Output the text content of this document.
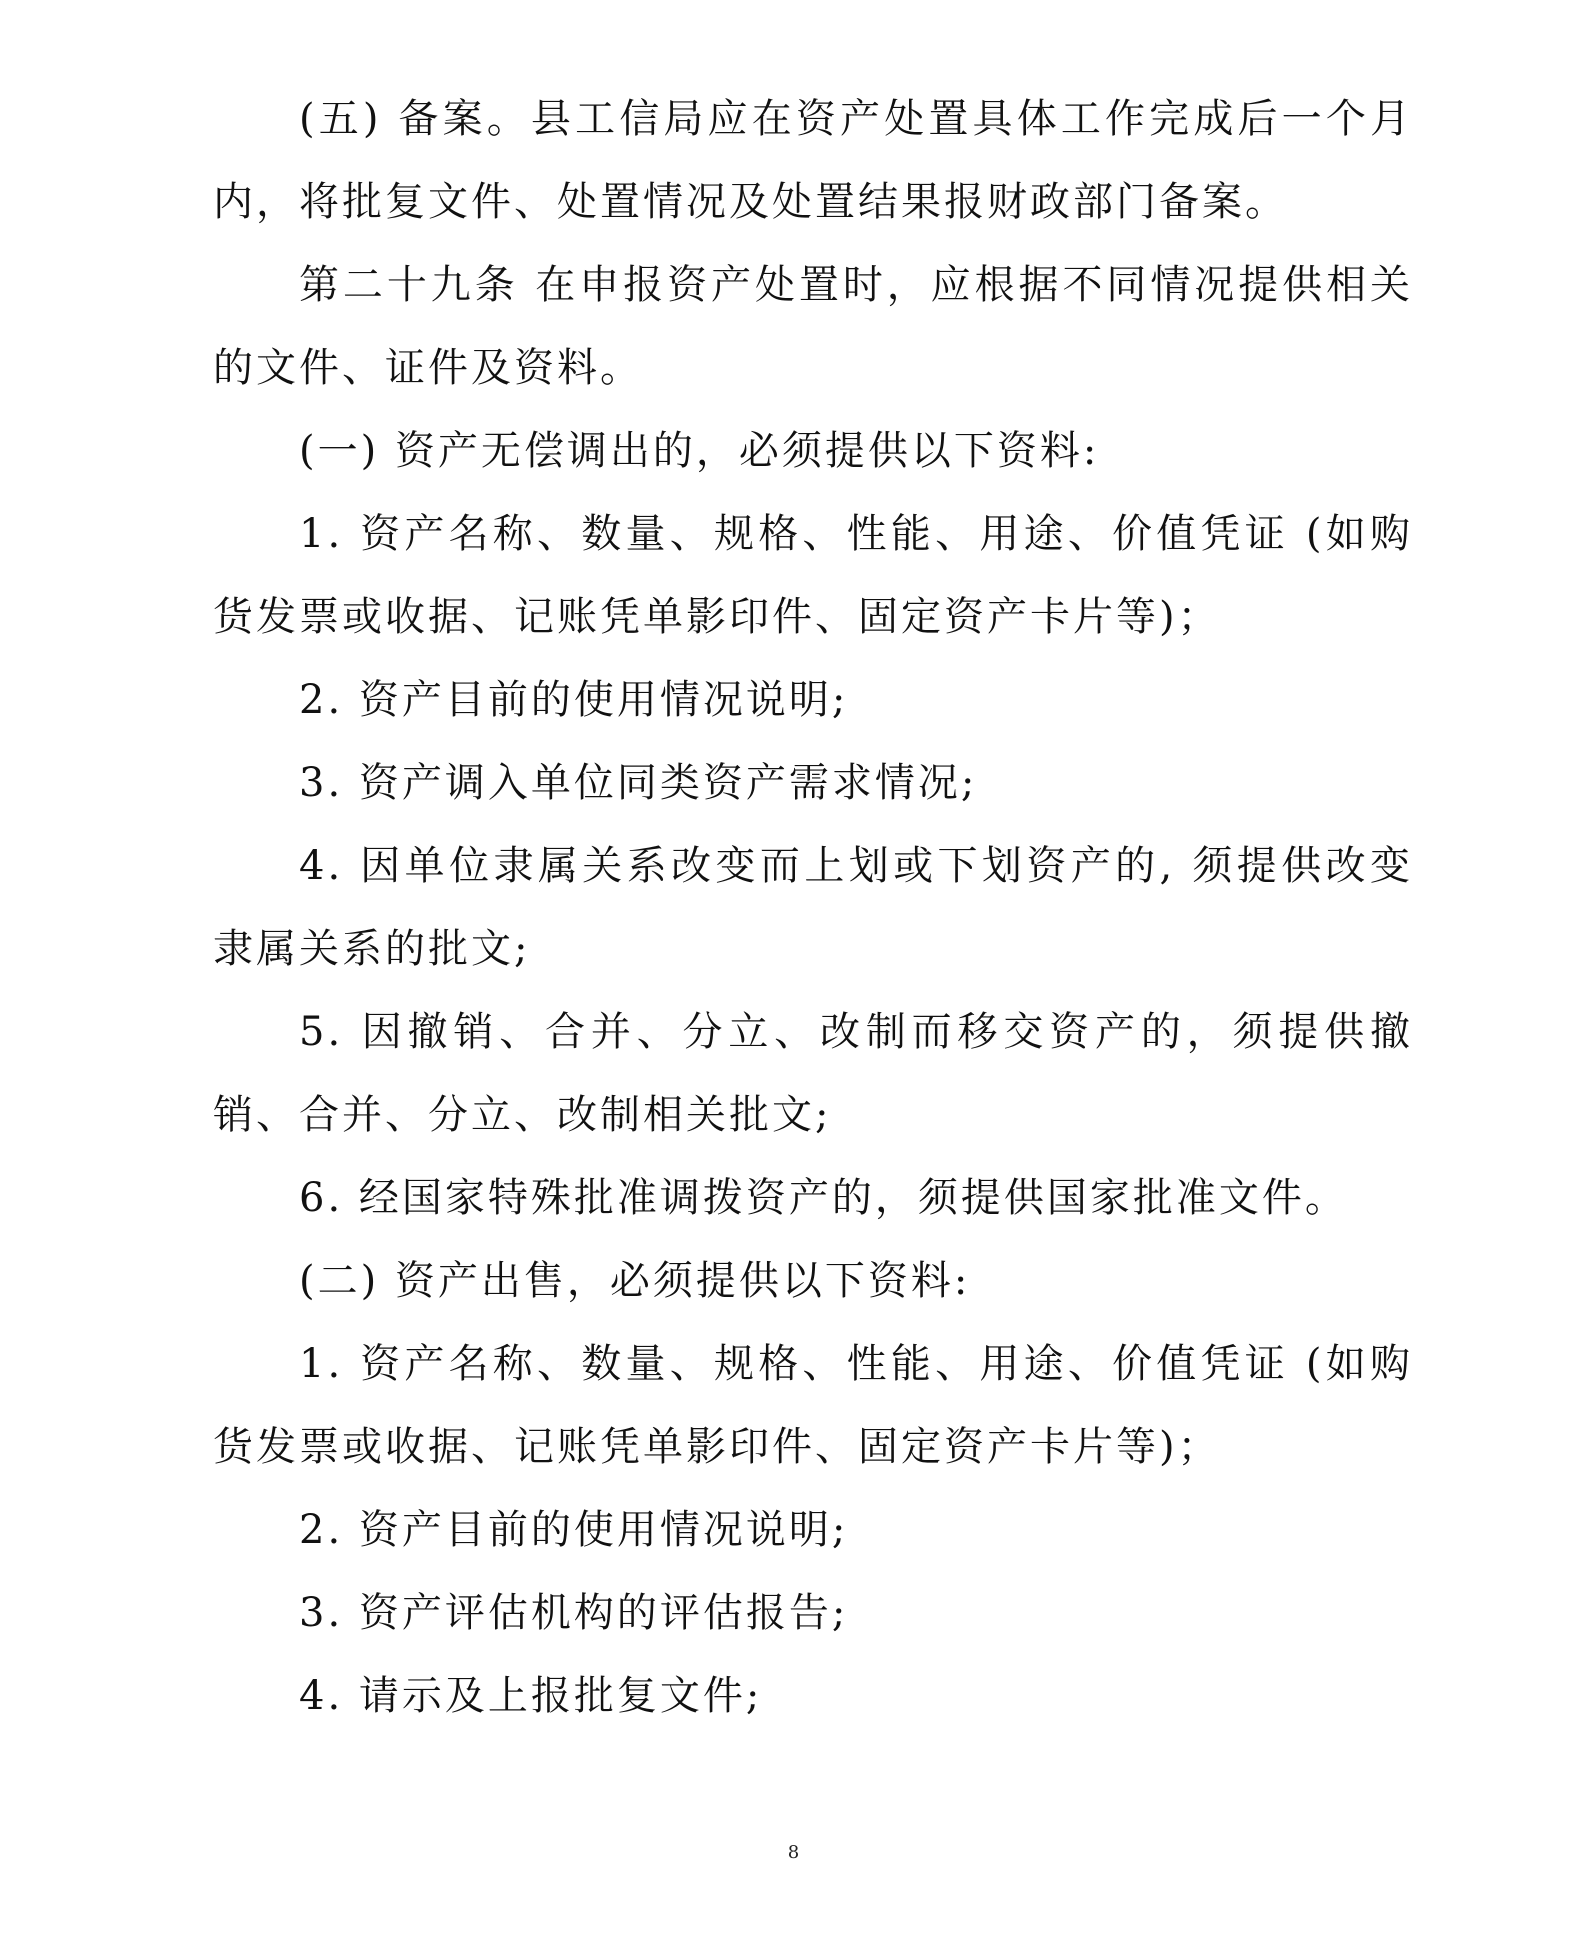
(五) 备案。县工信局应在资产处置具体工作完成后一个月内，将批复文件、处置情况及处置结果报财政部门备案。

第二十九条 在申报资产处置时，应根据不同情况提供相关的文件、证件及资料。

(一) 资产无偿调出的，必须提供以下资料:

1. 资产名称、数量、规格、性能、用途、价值凭证 (如购货发票或收据、记账凭单影印件、固定资产卡片等)；

2. 资产目前的使用情况说明;

3. 资产调入单位同类资产需求情况;

4. 因单位隶属关系改变而上划或下划资产的, 须提供改变隶属关系的批文;

5. 因撤销、合并、分立、改制而移交资产的，须提供撤销、合并、分立、改制相关批文;

6. 经国家特殊批准调拨资产的，须提供国家批准文件。

(二) 资产出售，必须提供以下资料:

1. 资产名称、数量、规格、性能、用途、价值凭证 (如购货发票或收据、记账凭单影印件、固定资产卡片等)；

2. 资产目前的使用情况说明;

3. 资产评估机构的评估报告;

4. 请示及上报批复文件;

8
